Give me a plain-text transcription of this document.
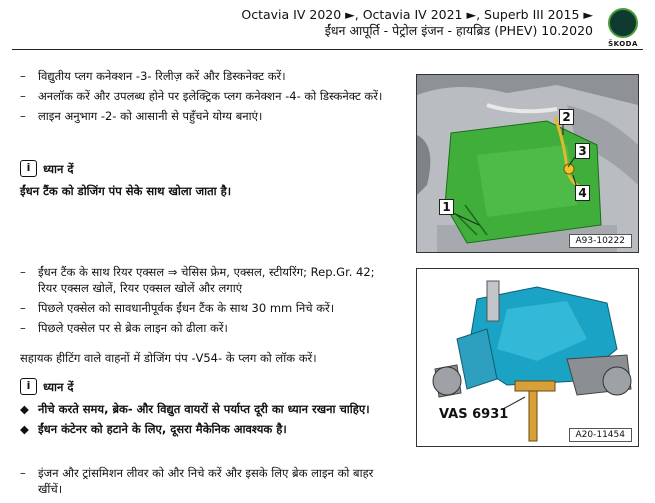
Octavia IV 2020 ►, Octavia IV 2021 ►, Superb III 2015 ►
ईंधन आपूर्ति - पेट्रोल इंजन - हायब्रिड (PHEV) 10.2020
ŠKODA
– विद्युतीय प्लग कनेक्शन -3- रिलीज़ करें और डिस्कनेक्ट करें।
– अनलॉक करें और उपलब्ध होने पर इलेक्ट्रिक प्लग कनेक्शन -4- को डिस्कनेक्ट करें।
– लाइन अनुभाग -2- को आसानी से पहुँचने योग्य बनाएं।
i	ध्यान दें
ईंधन टैंक को डोजिंग पंप सेके साथ खोला जाता है।
– ईंधन टैंक के साथ रियर एक्सल ⇒ चेसिस फ्रेम, एक्सल, स्टीयरिंग; Rep.Gr. 42; रियर एक्सल खोलें, रियर एक्सल खोलें और लगाएं
– पिछले एक्सेल को सावधानीपूर्वक ईंधन टैंक के साथ 30 mm निचे करें।
– पिछले एक्सेल पर से ब्रेक लाइन को ढीला करें।
सहायक हीटिंग वाले वाहनों में डोजिंग पंप -V54- के प्लग को लॉक करें।
i	ध्यान दें
◆ नीचे करते समय, ब्रेक- और विद्युत वायरों से पर्याप्त दूरी का ध्यान रखना चाहिए।
◆ ईंधन कंटेनर को हटाने के लिए, दूसरा मैकेनिक आवश्यक है।
– इंजन और ट्रांसमिशन लीवर को और निचे करें और इसके लिए ब्रेक लाइन को बाहर खींचें।
2
3
4
1
A93-10222
VAS 6931
A20-11454
